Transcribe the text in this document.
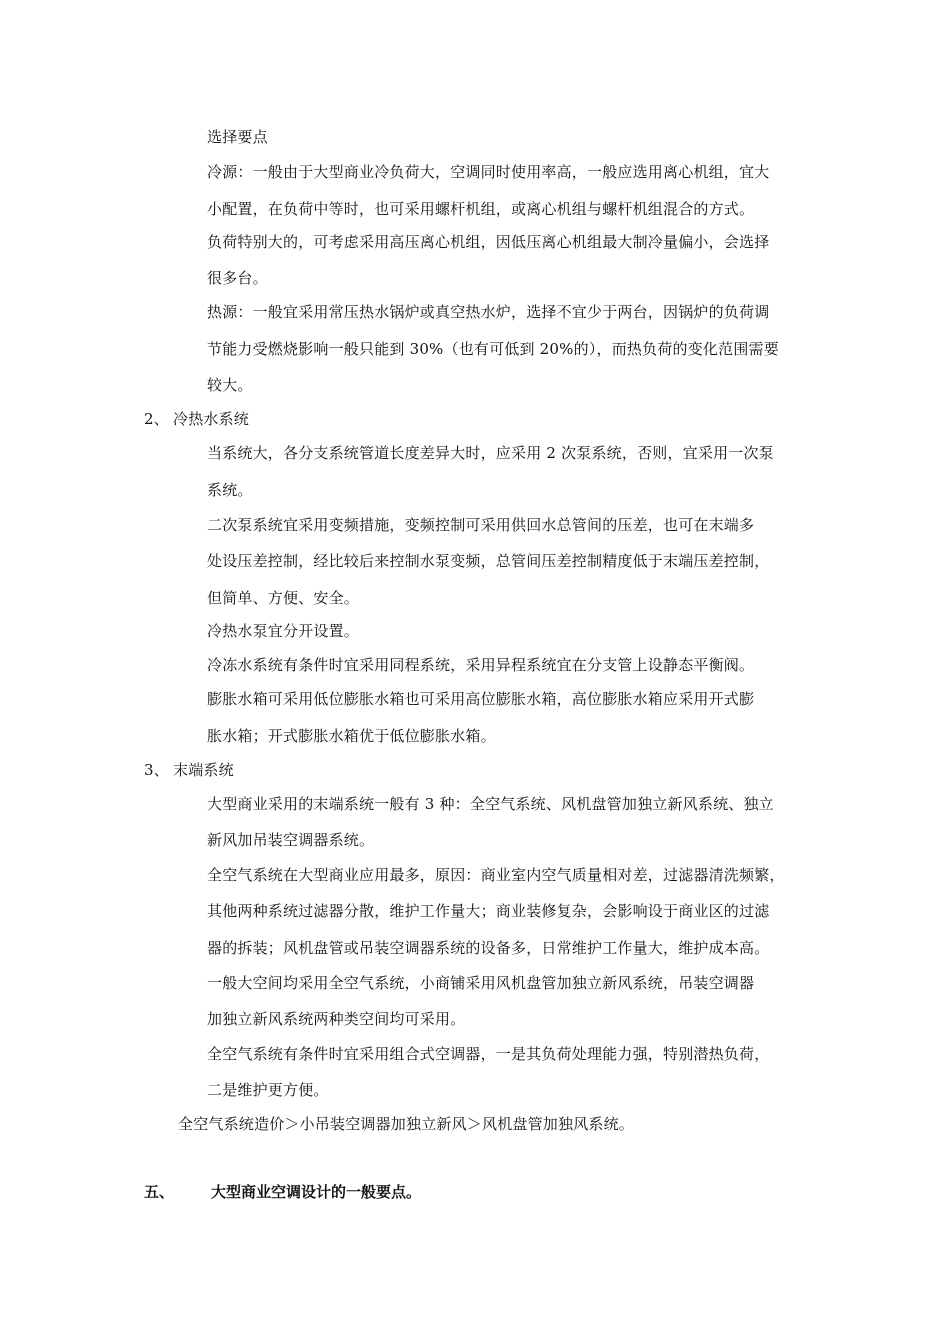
选择要点
冷源：一般由于大型商业冷负荷大，空调同时使用率高，一般应选用离心机组，宜大
小配置，在负荷中等时，也可采用螺杆机组，或离心机组与螺杆机组混合的方式。
负荷特别大的，可考虑采用高压离心机组，因低压离心机组最大制冷量偏小，会选择
很多台。
热源：一般宜采用常压热水锅炉或真空热水炉，选择不宜少于两台，因锅炉的负荷调
节能力受燃烧影响一般只能到 30%（也有可低到 20%的），而热负荷的变化范围需要
较大。
2、 冷热水系统
当系统大，各分支系统管道长度差异大时，应采用 2 次泵系统，否则，宜采用一次泵
系统。
二次泵系统宜采用变频措施，变频控制可采用供回水总管间的压差，也可在末端多
处设压差控制，经比较后来控制水泵变频，总管间压差控制精度低于末端压差控制，
但简单、方便、安全。
冷热水泵宜分开设置。
冷冻水系统有条件时宜采用同程系统，采用异程系统宜在分支管上设静态平衡阀。
膨胀水箱可采用低位膨胀水箱也可采用高位膨胀水箱，高位膨胀水箱应采用开式膨
胀水箱；开式膨胀水箱优于低位膨胀水箱。
3、 末端系统
大型商业采用的末端系统一般有 3 种：全空气系统、风机盘管加独立新风系统、独立
新风加吊装空调器系统。
全空气系统在大型商业应用最多，原因：商业室内空气质量相对差，过滤器清洗频繁，
其他两种系统过滤器分散，维护工作量大；商业装修复杂，会影响设于商业区的过滤
器的拆装；风机盘管或吊装空调器系统的设备多，日常维护工作量大，维护成本高。
一般大空间均采用全空气系统，小商铺采用风机盘管加独立新风系统，吊装空调器
加独立新风系统两种类空间均可采用。
全空气系统有条件时宜采用组合式空调器，一是其负荷处理能力强，特别潜热负荷，
二是维护更方便。
全空气系统造价＞小吊装空调器加独立新风＞风机盘管加独风系统。
五、 大型商业空调设计的一般要点。
